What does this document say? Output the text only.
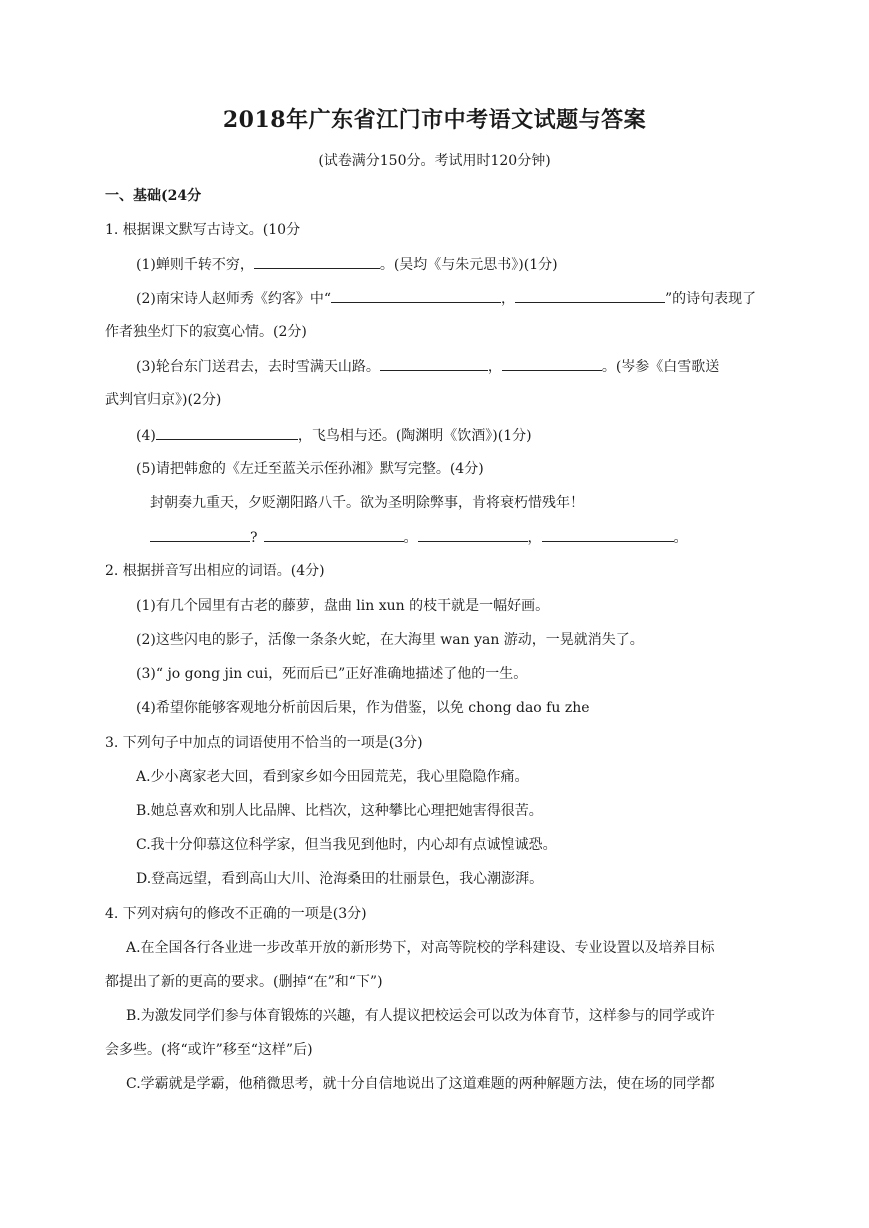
2018年广东省江门市中考语文试题与答案
(试卷满分150分。考试用时120分钟)
一、基础(24分
1. 根据课文默写古诗文。(10分
(1)蝉则千转不穷，	。(吴均《与朱元思书》)(1分)
(2)南宋诗人赵师秀《约客》中“	，	”的诗句表现了
作者独坐灯下的寂寞心情。(2分)
(3)轮台东门送君去，去时雪满天山路。	，	。(岑参《白雪歌送
武判官归京》)(2分)
(4)	，飞鸟相与还。(陶渊明《饮酒》)(1分)
(5)请把韩愈的《左迁至蓝关示侄孙湘》默写完整。(4分)
封朝奏九重天，夕贬潮阳路八千。欲为圣明除弊事，肯将衰朽惜残年！
?	。	，	。
2. 根据拼音写出相应的词语。(4分)
(1)有几个园里有古老的藤萝，盘曲 lin xun 的枝干就是一幅好画。
(2)这些闪电的影子，活像一条条火蛇，在大海里 wan yan 游动，一晃就消失了。
(3)“ jo gong jin cui，死而后已”正好准确地描述了他的一生。
(4)希望你能够客观地分析前因后果，作为借鉴，以免 chong dao fu zhe
3. 下列句子中加点的词语使用不恰当的一项是(3分)
A.少小离家老大回，看到家乡如今田园荒芜，我心里隐隐作痛。
B.她总喜欢和别人比品牌、比档次，这种攀比心理把她害得很苦。
C.我十分仰慕这位科学家，但当我见到他时，内心却有点诚惶诚恐。
D.登高远望，看到高山大川、沧海桑田的壮丽景色，我心潮澎湃。
4. 下列对病句的修改不正确的一项是(3分)
A.在全国各行各业进一步改革开放的新形势下，对高等院校的学科建设、专业设置以及培养目标
都提出了新的更高的要求。(删掉“在”和“下”)
B.为激发同学们参与体育锻炼的兴趣，有人提议把校运会可以改为体育节，这样参与的同学或许
会多些。(将“或许”移至“这样”后)
C.学霸就是学霸，他稍微思考，就十分自信地说出了这道难题的两种解题方法，使在场的同学都
